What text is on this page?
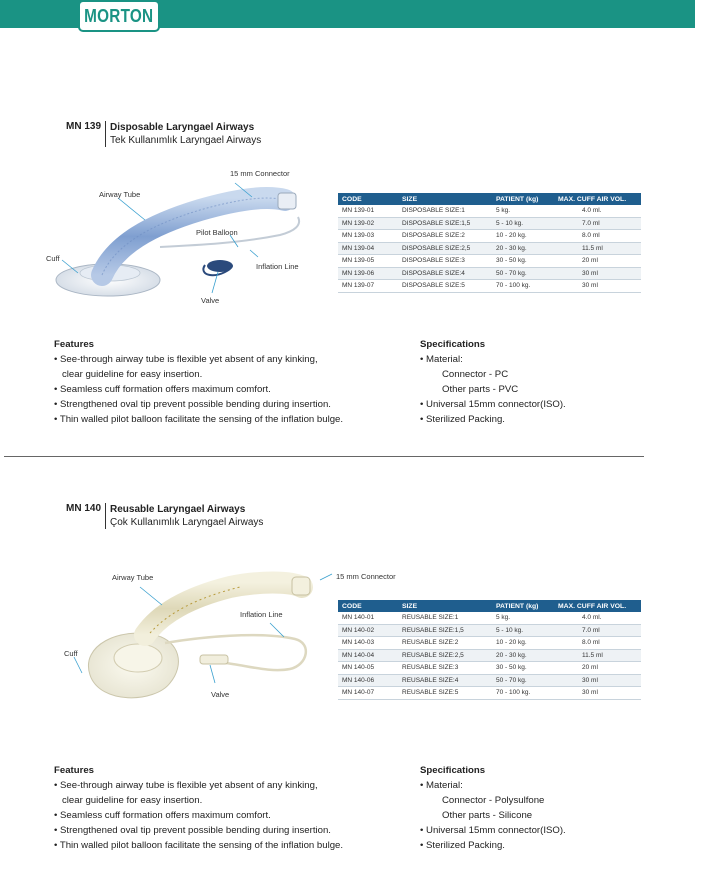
MORTON
MN 139 Disposable Laryngael Airways
Tek Kullanımlık Laryngael Airways
15 mm Connector
Airway Tube
Pilot Balloon
Cuff
Inflation Line
Valve
CODE	SIZE	PATIENT (kg)	MAX. CUFF AIR VOL.
MN 139-01	DISPOSABLE SIZE:1	5 kg.	4.0 ml.
MN 139-02	DISPOSABLE SIZE:1,5	5 - 10 kg.	7.0 ml
MN 139-03	DISPOSABLE SIZE:2	10 - 20 kg.	8.0 ml
MN 139-04	DISPOSABLE SIZE:2,5	20 - 30 kg.	11.5 ml
MN 139-05	DISPOSABLE SIZE:3	30 - 50 kg.	20 ml
MN 139-06	DISPOSABLE SIZE:4	50 - 70 kg.	30 ml
MN 139-07	DISPOSABLE SIZE:5	70 - 100 kg.	30 ml
Features
• See-through airway tube is flexible yet absent of any kinking,
clear guideline for easy insertion.
• Seamless cuff formation offers maximum comfort.
• Strengthened oval tip prevent possible bending during insertion.
• Thin walled pilot balloon facilitate the sensing of the inflation bulge.
Specifications
• Material:
Connector - PC
Other parts - PVC
• Universal 15mm connector(ISO).
• Sterilized Packing.
MN 140 Reusable Laryngael Airways
Çok Kullanımlık Laryngael Airways
15 mm Connector
Airway Tube
Inflation Line
Cuff
Valve
CODE	SIZE	PATIENT (kg)	MAX. CUFF AIR VOL.
MN 140-01	REUSABLE SIZE:1	5 kg.	4.0 ml.
MN 140-02	REUSABLE SIZE:1,5	5 - 10 kg.	7.0 ml
MN 140-03	REUSABLE SIZE:2	10 - 20 kg.	8.0 ml
MN 140-04	REUSABLE SIZE:2,5	20 - 30 kg.	11.5 ml
MN 140-05	REUSABLE SIZE:3	30 - 50 kg.	20 ml
MN 140-06	REUSABLE SIZE:4	50 - 70 kg.	30 ml
MN 140-07	REUSABLE SIZE:5	70 - 100 kg.	30 ml
Features
• See-through airway tube is flexible yet absent of any kinking,
clear guideline for easy insertion.
• Seamless cuff formation offers maximum comfort.
• Strengthened oval tip prevent possible bending during insertion.
• Thin walled pilot balloon facilitate the sensing of the inflation bulge.
Specifications
• Material:
Connector - Polysulfone
Other parts - Silicone
• Universal 15mm connector(ISO).
• Sterilized Packing.
